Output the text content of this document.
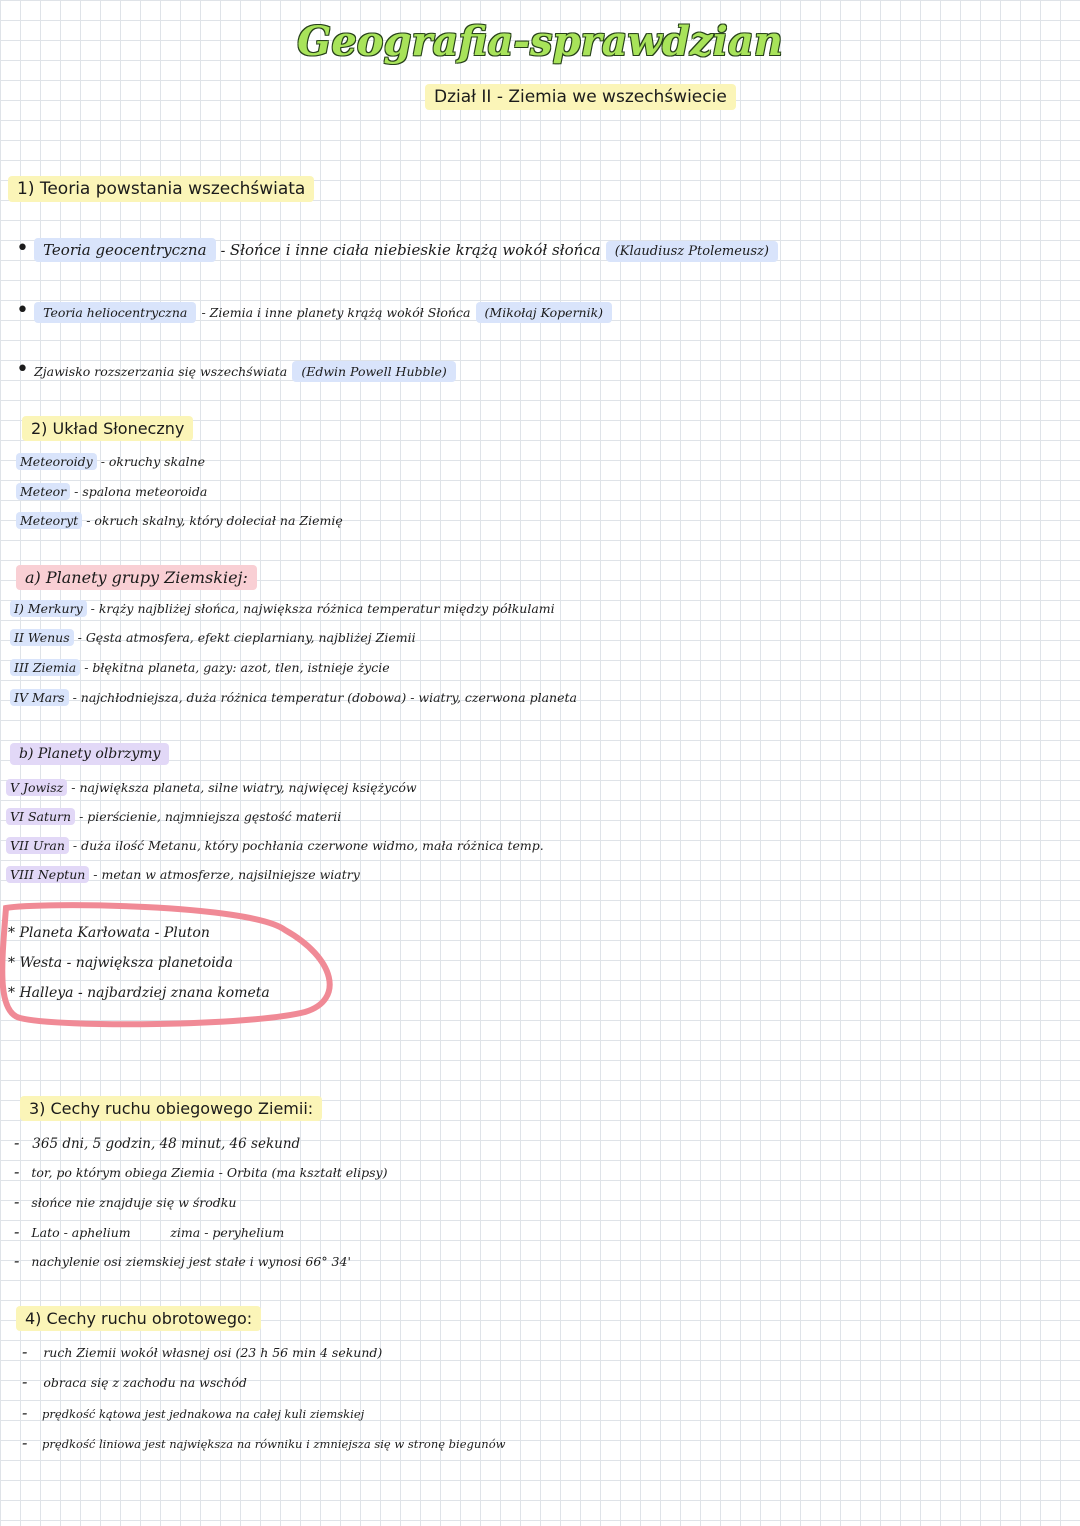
Geografia-sprawdzian
Dział II - Ziemia we wszechświecie
1) Teoria powstania wszechświata
• Teoria geocentryczna - Słońce i inne ciała niebieskie krążą wokół słońca (Klaudiusz Ptolemeusz)
• Teoria heliocentryczna - Ziemia i inne planety krążą wokół Słońca (Mikołaj Kopernik)
• Zjawisko rozszerzania się wszechświata (Edwin Powell Hubble)
2) Układ Słoneczny
Meteoroidy - okruchy skalne
Meteor - spalona meteoroida
Meteoryt - okruch skalny, który doleciał na Ziemię
a) Planety grupy Ziemskiej:
I) Merkury - krąży najbliżej słońca, największa różnica temperatur między półkulami
II Wenus - Gęsta atmosfera, efekt cieplarniany, najbliżej Ziemii
III Ziemia - błękitna planeta, gazy: azot, tlen, istnieje życie
IV Mars - najchłodniejsza, duża różnica temperatur (dobowa) - wiatry, czerwona planeta
b) Planety olbrzymy
V Jowisz - największa planeta, silne wiatry, najwięcej księżyców
VI Saturn - pierścienie, najmniejsza gęstość materii
VII Uran - duża ilość Metanu, który pochłania czerwone widmo, mała różnica temp.
VIII Neptun - metan w atmosferze, najsilniejsze wiatry
* Planeta Karłowata - Pluton
* Westa - największa planetoida
* Halleya - najbardziej znana kometa
3) Cechy ruchu obiegowego Ziemii:
- 365 dni, 5 godzin, 48 minut, 46 sekund
- tor, po którym obiega Ziemia - Orbita (ma kształt elipsy)
- słońce nie znajduje się w środku
- Lato - aphelium          zima - peryhelium
- nachylenie osi ziemskiej jest stałe i wynosi 66° 34'
4) Cechy ruchu obrotowego:
- ruch Ziemii wokół własnej osi (23 h 56 min 4 sekund)
- obraca się z zachodu na wschód
- prędkość kątowa jest jednakowa na całej kuli ziemskiej
- prędkość liniowa jest największa na równiku i zmniejsza się w stronę biegunów
